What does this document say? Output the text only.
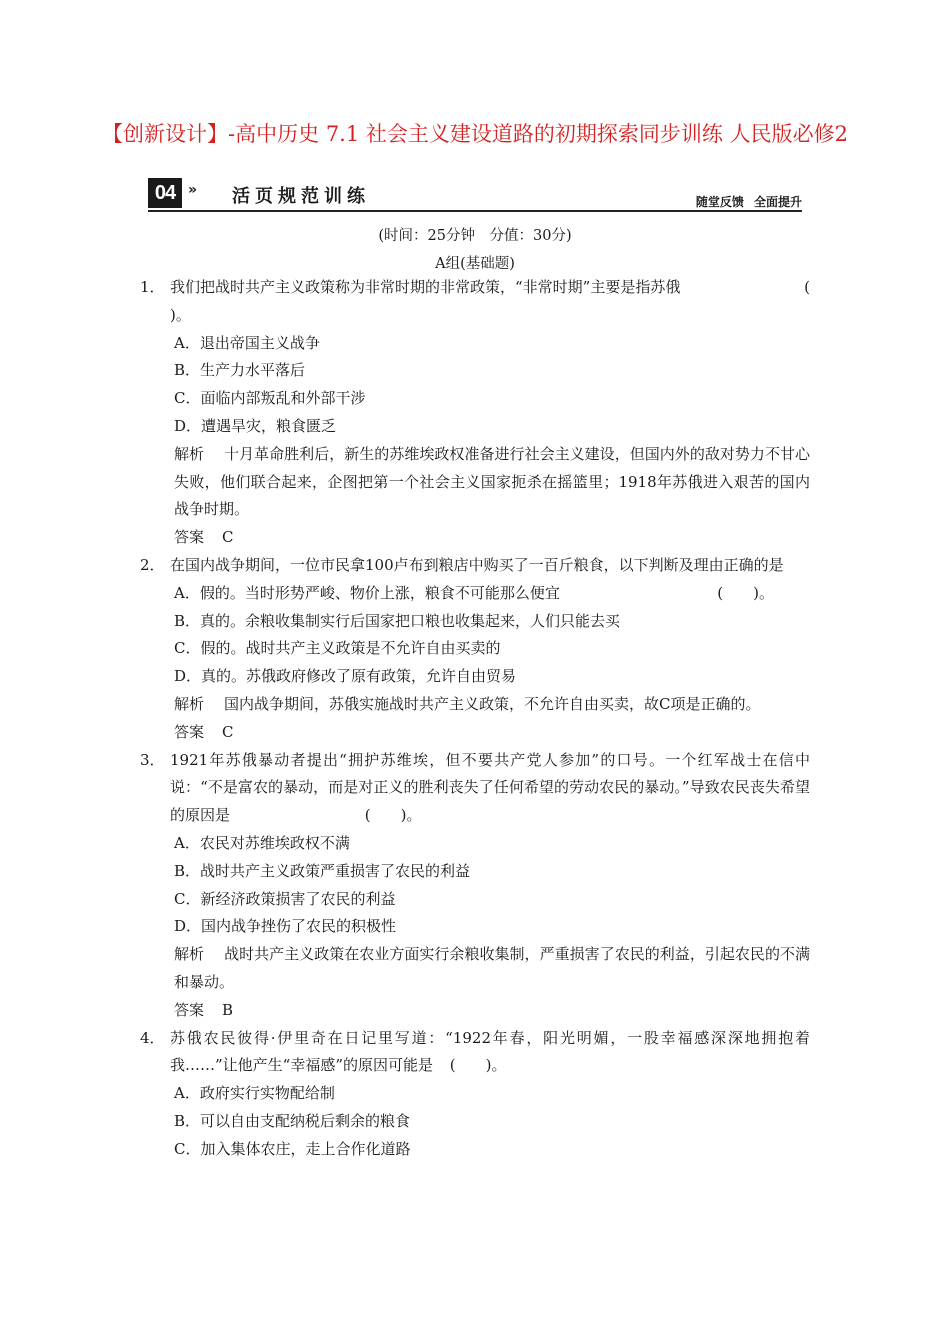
【创新设计】-高中历史 7.1 社会主义建设道路的初期探索同步训练 人民版必修2
04 » 活页规范训练	随堂反馈 全面提升
(时间：25分钟　分值：30分)
A组(基础题)
1． 我们把战时共产主义政策称为非常时期的非常政策，“非常时期”主要是指苏俄	(

)。
A．退出帝国主义战争
B．生产力水平落后
C．面临内部叛乱和外部干涉
D．遭遇旱灾，粮食匮乏
解析 十月革命胜利后，新生的苏维埃政权准备进行社会主义建设，但国内外的敌对势力不甘心失败，他们联合起来，企图把第一个社会主义国家扼杀在摇篮里；1918年苏俄进入艰苦的国内战争时期。
答案 C
2． 在国内战争期间，一位市民拿100卢布到粮店中购买了一百斤粮食，以下判断及理由正确的是
(　　)。
A．假的。当时形势严峻、物价上涨，粮食不可能那么便宜
B．真的。余粮收集制实行后国家把口粮也收集起来，人们只能去买
C．假的。战时共产主义政策是不允许自由买卖的
D．真的。苏俄政府修改了原有政策，允许自由贸易
解析 国内战争期间，苏俄实施战时共产主义政策，不允许自由买卖，故C项是正确的。
答案 C
3． 1921年苏俄暴动者提出“拥护苏维埃，但不要共产党人参加”的口号。一个红军战士在信中说：“不是富农的暴动，而是对正义的胜利丧失了任何希望的劳动农民的暴动。”导致农民丧失希望的原因是	(　　)。
A．农民对苏维埃政权不满
B．战时共产主义政策严重损害了农民的利益
C．新经济政策损害了农民的利益
D．国内战争挫伤了农民的积极性
解析 战时共产主义政策在农业方面实行余粮收集制，严重损害了农民的利益，引起农民的不满和暴动。
答案 B
4． 苏俄农民彼得·伊里奇在日记里写道：“1922年春，阳光明媚，一股幸福感深深地拥抱着我……”让他产生“幸福感”的原因可能是 (　　)。
A．政府实行实物配给制
B．可以自由支配纳税后剩余的粮食
C．加入集体农庄，走上合作化道路
